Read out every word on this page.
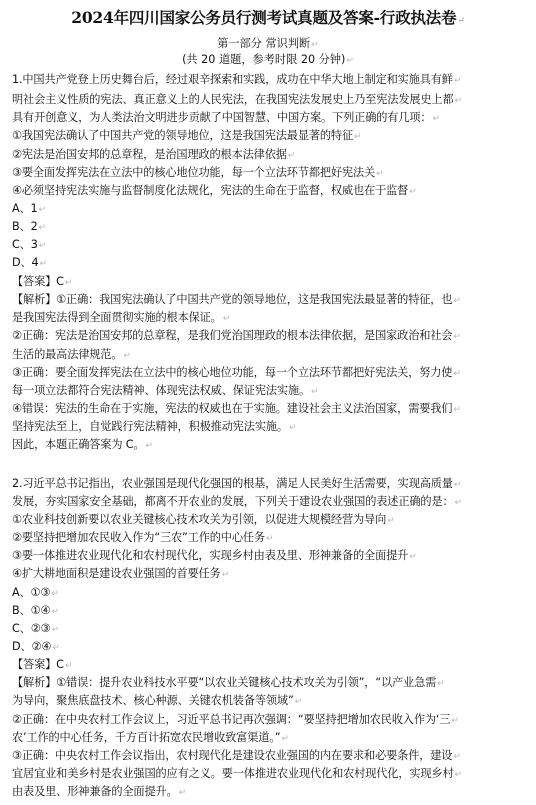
2024年四川国家公务员行测考试真题及答案-行政执法卷↵
第一部分 常识判断↵
(共 20 道题，参考时限 20 分钟)↵
1.中国共产党登上历史舞台后，经过艰辛探索和实践，成功在中华大地上制定和实施具有鲜↵
明社会主义性质的宪法、真正意义上的人民宪法，在我国宪法发展史上乃至宪法发展史上都↵
具有开创意义，为人类法治文明进步贡献了中国智慧、中国方案。下列正确的有几项：↵
①我国宪法确认了中国共产党的领导地位，这是我国宪法最显著的特征↵
②宪法是治国安邦的总章程，是治国理政的根本法律依据↵
③要全面发挥宪法在立法中的核心地位功能，每一个立法环节都把好宪法关↵
④必须坚持宪法实施与监督制度化法规化，宪法的生命在于监督，权威也在于监督↵
A、1↵
B、2↵
C、3↵
D、4↵
【答案】C↵
【解析】①正确：我国宪法确认了中国共产党的领导地位，这是我国宪法最显著的特征，也↵
是我国宪法得到全面贯彻实施的根本保证。↵
②正确：宪法是治国安邦的总章程，是我们党治国理政的根本法律依据，是国家政治和社会↵
生活的最高法律规范。↵
③正确：要全面发挥宪法在立法中的核心地位功能，每一个立法环节都把好宪法关，努力使↵
每一项立法都符合宪法精神、体现宪法权威、保证宪法实施。↵
④错误：宪法的生命在于实施，宪法的权威也在于实施。建设社会主义法治国家，需要我们↵
坚持宪法至上，自觉践行宪法精神，积极推动宪法实施。↵
因此，本题正确答案为 C。↵
2.习近平总书记指出，农业强国是现代化强国的根基，满足人民美好生活需要，实现高质量↵
发展，夯实国家安全基础，都离不开农业的发展，下列关于建设农业强国的表述正确的是：↵
①农业科技创新要以农业关键核心技术攻关为引领，以促进大规模经营为导向↵
②要坚持把增加农民收入作为“三农”工作的中心任务↵
③要一体推进农业现代化和农村现代化，实现乡村由表及里、形神兼备的全面提升↵
④扩大耕地面积是建设农业强国的首要任务↵
A、①③↵
B、①④↵
C、②③↵
D、②④↵
【答案】C↵
【解析】①错误：提升农业科技水平要“以农业关键核心技术攻关为引领”，“以产业急需↵
为导向，聚焦底盘技术、核心种源、关键农机装备等领域”↵
②正确：在中央农村工作会议上，习近平总书记再次强调：“要坚持把增加农民收入作为‘三↵
农’工作的中心任务，千方百计拓宽农民增收致富渠道。”↵
③正确：中央农村工作会议指出，农村现代化是建设农业强国的内在要求和必要条件，建设↵
宜居宜业和美乡村是农业强国的应有之义。要一体推进农业现代化和农村现代化，实现乡村↵
由表及里、形神兼备的全面提升。↵
